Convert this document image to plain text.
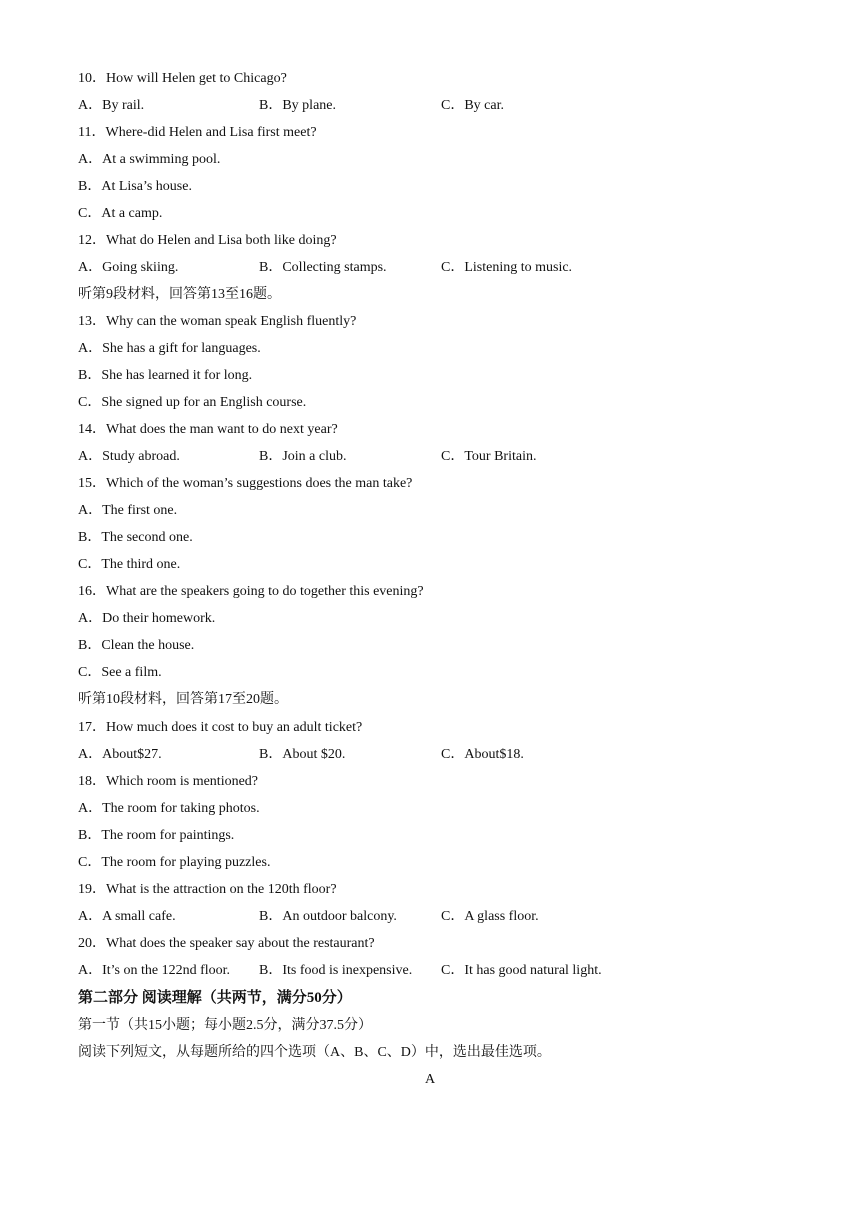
10．How will Helen get to Chicago?
A．By rail.	B．By plane.	C．By car.
11．Where-did Helen and Lisa first meet?
A．At a swimming pool.
B．At Lisa’s house.
C．At a camp.
12．What do Helen and Lisa both like doing?
A．Going skiing.	B．Collecting stamps.	C．Listening to music.
听第9段材料，回答第13至16题。
13．Why can the woman speak English fluently?
A．She has a gift for languages.
B．She has learned it for long.
C．She signed up for an English course.
14．What does the man want to do next year?
A．Study abroad.	B．Join a club.	C．Tour Britain.
15．Which of the woman’s suggestions does the man take?
A．The first one.
B．The second one.
C．The third one.
16．What are the speakers going to do together this evening?
A．Do their homework.
B．Clean the house.
C．See a film.
听第10段材料，回答第17至20题。
17．How much does it cost to buy an adult ticket?
A．About$27.	B．About $20.	C．About$18.
18．Which room is mentioned?
A．The room for taking photos.
B．The room for paintings.
C．The room for playing puzzles.
19．What is the attraction on the 120th floor?
A．A small cafe.	B．An outdoor balcony.	C．A glass floor.
20．What does the speaker say about the restaurant?
A．It’s on the 122nd floor. B．Its food is inexpensive. C．It has good natural light.
第二部分 阅读理解（共两节，满分50分）
第一节（共15小题；每小题2.5分，满分37.5分）
阅读下列短文，从每题所给的四个选项（A、B、C、D）中，选出最佳选项。
A
